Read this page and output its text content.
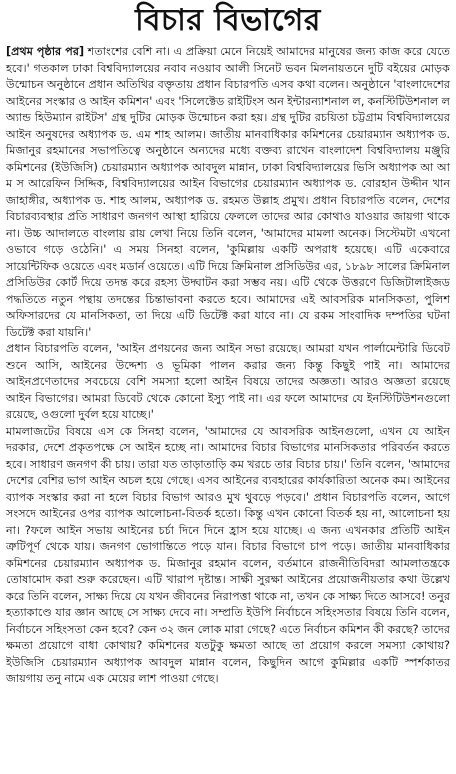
বিচার বিভাগের

[প্রথম পৃষ্ঠার পর] শতাংশের বেশি না। এ প্রক্রিয়া মেনে নিয়েই আমাদের মানুষের জন্য কাজ করে যেতে হবে।' গতকাল ঢাকা বিশ্ববিদ্যালয়ের নবাব নওয়াব আলী সিনেট ভবন মিলনায়তনে দুটি বইয়ের মোড়ক উন্মোচন অনুষ্ঠানে প্রধান অতিথির বক্তৃতায় প্রধান বিচারপতি এসব কথা বলেন। অনুষ্ঠানে 'বাংলাদেশের আইনের সংস্কার ও আইন কমিশন' এবং 'সিলেক্টেড রাইটিংস অন ইন্টারন্যাশনাল ল, কনস্টিটিউশনাল ল অ্যান্ড হিউম্যান রাইটস' গ্রন্থ দুটির মোড়ক উন্মোচন করা হয়। গ্রন্থ দুটির রচয়িতা চট্টগ্রাম বিশ্ববিদ্যালয়ের আইন অনুষদের অধ্যাপক ড. এম শাহ আলম। জাতীয় মানবাধিকার কমিশনের চেয়ারম্যান অধ্যাপক ড. মিজানুর রহমানের সভাপতিত্বে অনুষ্ঠানে অন্যদের মধ্যে বক্তব্য রাখেন বাংলাদেশ বিশ্ববিদ্যালয় মঞ্জুরি কমিশনের (ইউজিসি) চেয়ারম্যান অধ্যাপক আবদুল মান্নান, ঢাকা বিশ্ববিদ্যালয়ের ভিসি অধ্যাপক আ আ ম স আরেফিন সিদ্দিক, বিশ্ববিদ্যালয়ের আইন বিভাগের চেয়ারম্যান অধ্যাপক ড. বোরহান উদ্দীন খান জাহাঙ্গীর, অধ্যাপক ড. শাহ আলম, অধ্যাপক ড. রহমত উল্লাহ প্রমুখ। প্রধান বিচারপতি বলেন, দেশের বিচারব্যবস্থার প্রতি সাধারণ জনগণ আস্থা হারিয়ে ফেললে তাদের আর কোথাও যাওয়ার জায়গা থাকে না। উচ্চ আদালতে বাংলায় রায় লেখা নিয়ে তিনি বলেন, 'আমাদের মামলা অনেক। সিস্টেমটা এখনো ওভাবে গড়ে ওঠেনি।' এ সময় সিনহা বলেন, 'কুমিল্লায় একটি অপরাধ হয়েছে। এটি একেবারে সায়েন্টিফিক ওয়েতে এবং মডার্ন ওয়েতে। এটি দিয়ে ক্রিমিনাল প্রসিডিউর এর, ১৮৯৮ সালের ক্রিমিনাল প্রসিডিউর কোর্ট দিয়ে তদন্ত করে রহস্য উদ্ঘাটন করা সম্ভব নয়। এটি থেকে উত্তরণে ডিজিটালাইজড পদ্ধতিতে নতুন পন্থায় তদন্তের চিন্তাভাবনা করতে হবে। আমাদের এই আবসরিক মানসিকতা, পুলিশ অফিসারদের যে মানসিকতা, তা দিয়ে এটি ডিটেক্ট করা যাবে না। যে রকম সাংবাদিক দম্পতির ঘটনা ডিটেক্ট করা যায়নি।'

প্রধান বিচারপতি বলেন, 'আইন প্রণয়নের জন্য আইন সভা রয়েছে। আমরা যখন পার্লামেন্টারি ডিবেট শুনে আসি, আইনের উদ্দেশ্য ও ভূমিকা পালন করার জন্য কিন্তু কিছুই পাই না। আমাদের আইনপ্রণেতাদের সবচেয়ে বেশি সমস্যা হলো আইন বিষয়ে তাদের অজ্ঞতা। আরও অজ্ঞতা রয়েছে আইন বিভাগের। আমরা ডিবেট থেকে কোনো ইস্যু পাই না। এর ফলে আমাদের যে ইনস্টিটিউশনগুলো রয়েছে, ওগুলো দুর্বল হয়ে যাচ্ছে।'

মামলাজটের বিষয়ে এস কে সিনহা বলেন, 'আমাদের যে আবসরিক আইনগুলো, এখন যে আইন দরকার, দেশে প্রকৃতপক্ষে সে আইন হচ্ছে না। আমাদের বিচার বিভাগের মানসিকতার পরিবর্তন করতে হবে। সাধারণ জনগণ কী চায়। তারা যত তাড়াতাড়ি কম খরচে তার বিচার চায়।' তিনি বলেন, 'আমাদের দেশের বেশির ভাগ আইন অচল হয়ে গেছে। এসব আইনের ব্যবহারের কার্যকারিতা অনেক কম। আইনের ব্যাপক সংস্কার করা না হলে বিচার বিভাগ আরও মুখ থুবড়ে পড়বে।' প্রধান বিচারপতি বলেন, আগে সংসদে আইনের ওপর ব্যাপক আলোচনা-বিতর্ক হতো। কিন্তু এখন কোনো বিতর্ক হয় না, আলোচনা হয় না। ?ফলে আইন সভায় আইনের চর্চা দিনে দিনে হ্রাস হয়ে যাচ্ছে। এ জন্য এখনকার প্রতিটি আইন ত্রুটিপূর্ণ থেকে যায়। জনগণ ভোগান্তিতে পড়ে যান। বিচার বিভাগে চাপ পড়ে। জাতীয় মানবাধিকার কমিশনের চেয়ারম্যান অধ্যাপক ড. মিজানুর রহমান বলেন, বর্তমানে রাজনীতিবিদরা আমলাতন্ত্রকে তোষামোদ করা শুরু করেছেন। এটি খারাপ দৃষ্টান্ত। সাক্ষী সুরক্ষা আইনের প্রয়োজনীয়তার কথা উল্লেখ করে তিনি বলেন, সাক্ষ্য দিয়ে যে যখন জীবনের নিরাপত্তা থাকে না, তখন কে সাক্ষ্য দিতে আসবে! তনুর হত্যাকাণ্ডে যার জ্ঞান আছে সে সাক্ষ্য দেবে না। সম্প্রতি ইউপি নির্বাচনে সহিংসতার বিষয়ে তিনি বলেন, নির্বাচনে সহিংসতা কেন হবে? কেন ৩২ জন লোক মারা গেছে? এতে নির্বাচন কমিশন কী করছে? তাদের ক্ষমতা প্রয়োগে বাধা কোথায়? কমিশনের যতটুকু ক্ষমতা আছে তা প্রয়োগ করলে সমস্যা কোথায়? ইউজিসি চেয়ারম্যান অধ্যাপক আবদুল মান্নান বলেন, কিছুদিন আগে কুমিল্লার একটি স্পর্শকাতর জায়গায় তনু নামে এক মেয়ের লাশ পাওয়া গেছে।
